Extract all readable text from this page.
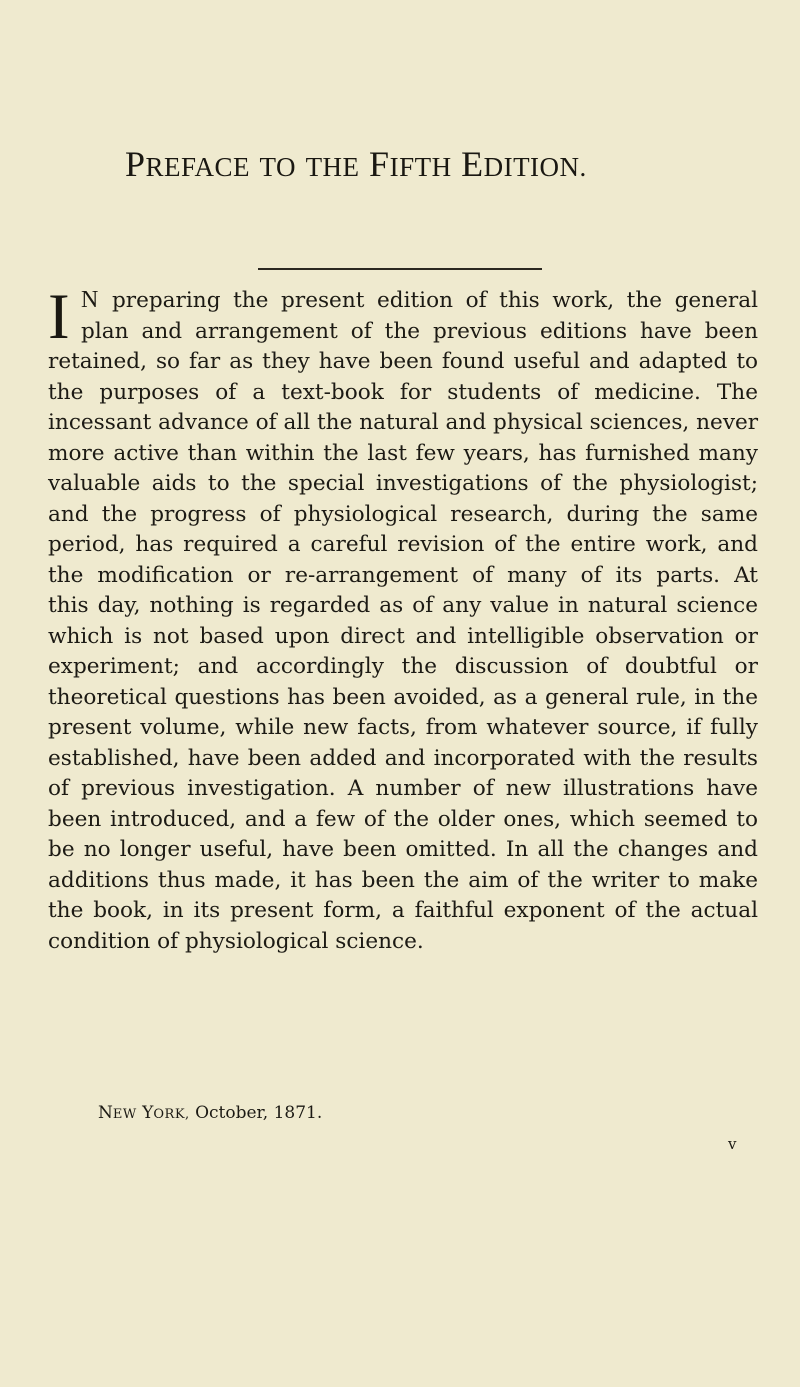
PREFACE TO THE FIFTH EDITION.
I N preparing the present edition of this work, the general
plan and arrangement of the previous editions have been
retained, so far as they have been found useful and adapted to
the purposes of a text-book for students of medicine. The
incessant advance of all the natural and physical sciences, never
more active than within the last few years, has furnished many
valuable aids to the special investigations of the physiologist;
and the progress of physiological research, during the same
period, has required a careful revision of the entire work, and
the modification or re-arrangement of many of its parts. At
this day, nothing is regarded as of any value in natural science
which is not based upon direct and intelligible observation or
experiment; and accordingly the discussion of doubtful or
theoretical questions has been avoided, as a general rule, in the
present volume, while new facts, from whatever source, if fully
established, have been added and incorporated with the results
of previous investigation. A number of new illustrations have
been introduced, and a few of the older ones, which seemed to
be no longer useful, have been omitted. In all the changes and
additions thus made, it has been the aim of the writer to make
the book, in its present form, a faithful exponent of the actual
condition of physiological science.
NEW YORK, October, 1871.
v
